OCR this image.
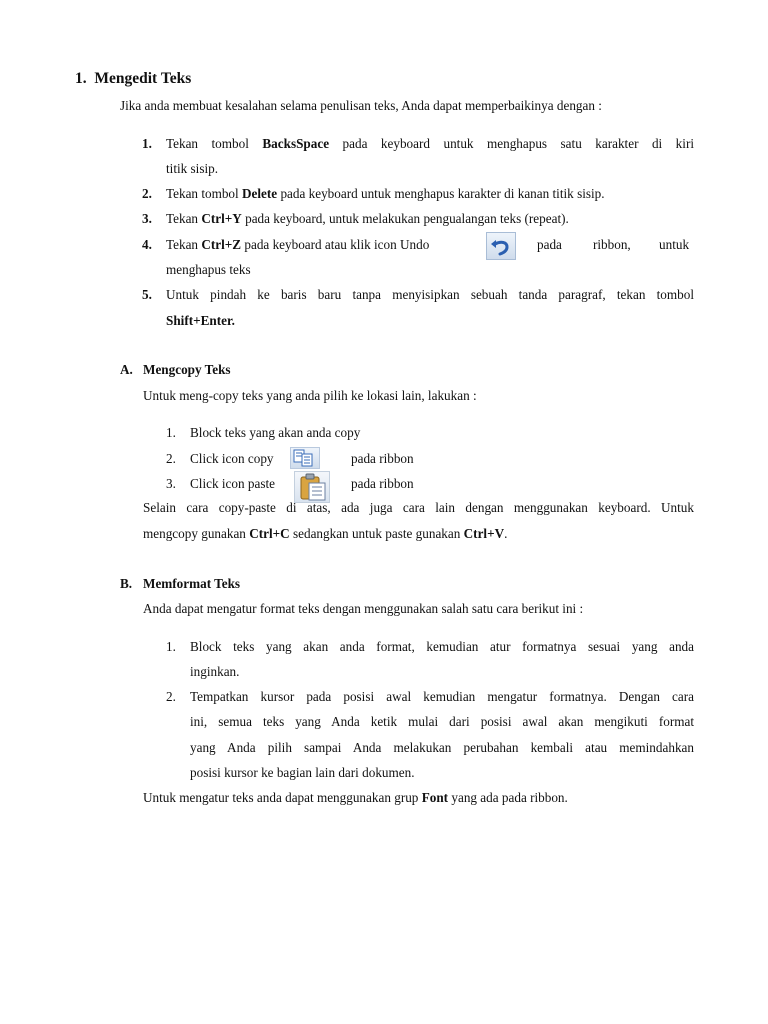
1. Mengedit Teks
Jika anda membuat kesalahan selama penulisan teks, Anda dapat memperbaikinya dengan :
1.	Tekan tombol BacksSpace pada keyboard untuk menghapus satu karakter di kiri
titik sisip.
2.	Tekan tombol Delete pada keyboard untuk menghapus karakter di kanan titik sisip.
3.	Tekan Ctrl+Y pada keyboard, untuk melakukan pengualangan teks (repeat).
4.	Tekan Ctrl+Z pada keyboard atau klik icon Undo	pada ribbon, untuk
menghapus teks
5.	Untuk pindah ke baris baru tanpa menyisipkan sebuah tanda paragraf, tekan tombol
Shift+Enter.
A. Mengcopy Teks
Untuk meng-copy teks yang anda pilih ke lokasi lain, lakukan :
1.	Block teks yang akan anda copy
2.	Click icon copy	pada ribbon
3.	Click icon paste	pada ribbon
Selain cara copy-paste di atas, ada juga cara lain dengan menggunakan keyboard. Untuk
mengcopy gunakan Ctrl+C sedangkan untuk paste gunakan Ctrl+V.
B. Memformat Teks
Anda dapat mengatur format teks dengan menggunakan salah satu cara berikut ini :
1.	Block teks yang akan anda format, kemudian atur formatnya sesuai yang anda
inginkan.
2.	Tempatkan kursor pada posisi awal kemudian mengatur formatnya. Dengan cara
ini, semua teks yang Anda ketik mulai dari posisi awal akan mengikuti format
yang Anda pilih sampai Anda melakukan perubahan kembali atau memindahkan
posisi kursor ke bagian lain dari dokumen.
Untuk mengatur teks anda dapat menggunakan grup Font yang ada pada ribbon.
